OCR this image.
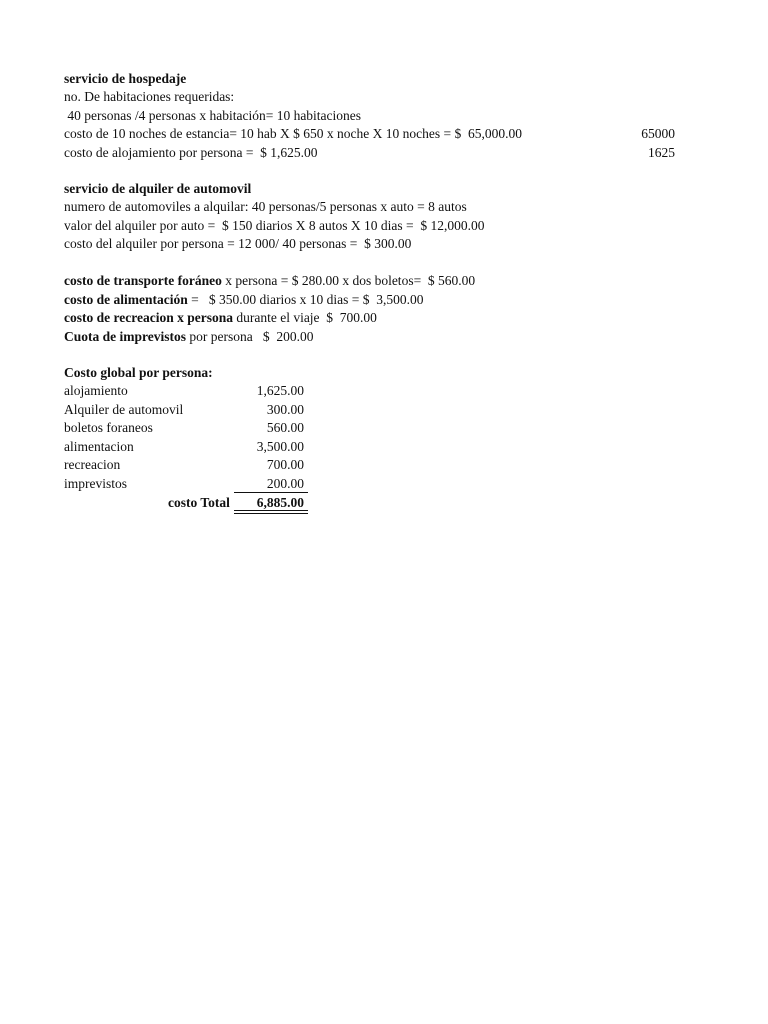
servicio de hospedaje
no. De habitaciones requeridas:
40 personas /4 personas x habitación= 10 habitaciones
costo de 10 noches de estancia= 10 hab X $ 650 x noche X 10 noches = $  65,000.00	65000
costo de alojamiento por persona =  $ 1,625.00	1625
servicio de alquiler de automovil
numero de automoviles a alquilar: 40 personas/5 personas x auto = 8 autos
valor del alquiler por auto =  $ 150 diarios X 8 autos X 10 dias =  $ 12,000.00
costo del alquiler por persona = 12 000/ 40 personas =  $ 300.00
costo de transporte foráneo x persona = $ 280.00 x dos boletos=  $ 560.00
costo de alimentación =   $ 350.00 diarios x 10 dias = $  3,500.00
costo de recreacion x persona durante el viaje  $  700.00
Cuota de imprevistos por persona   $  200.00
Costo global por persona:
alojamiento	1,625.00
Alquiler de automovil	300.00
boletos foraneos	560.00
alimentacion	3,500.00
recreacion	700.00
imprevistos	200.00
costo Total	6,885.00
